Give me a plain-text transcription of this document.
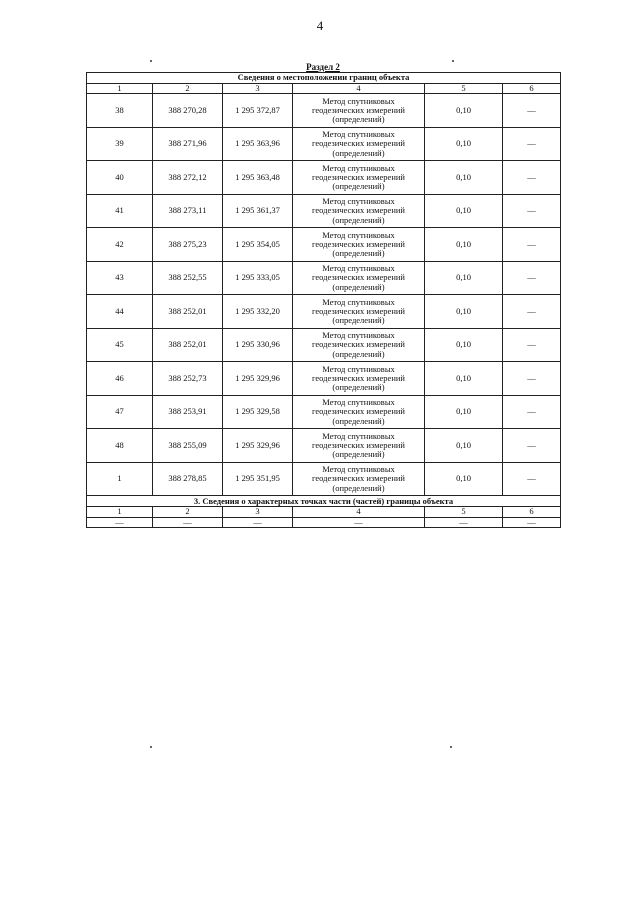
4
Раздел 2
Сведения о местоположении границ объекта					
1	2	3	4	5	6
38	388 270,28	1 295 372,87	Метод спутниковых
геодезических измерений
(определений)	0,10	—
39	388 271,96	1 295 363,96	Метод спутниковых
геодезических измерений
(определений)	0,10	—
40	388 272,12	1 295 363,48	Метод спутниковых
геодезических измерений
(определений)	0,10	—
41	388 273,11	1 295 361,37	Метод спутниковых
геодезических измерений
(определений)	0,10	—
42	388 275,23	1 295 354,05	Метод спутниковых
геодезических измерений
(определений)	0,10	—
43	388 252,55	1 295 333,05	Метод спутниковых
геодезических измерений
(определений)	0,10	—
44	388 252,01	1 295 332,20	Метод спутниковых
геодезических измерений
(определений)	0,10	—
45	388 252,01	1 295 330,96	Метод спутниковых
геодезических измерений
(определений)	0,10	—
46	388 252,73	1 295 329,96	Метод спутниковых
геодезических измерений
(определений)	0,10	—
47	388 253,91	1 295 329,58	Метод спутниковых
геодезических измерений
(определений)	0,10	—
48	388 255,09	1 295 329,96	Метод спутниковых
геодезических измерений
(определений)	0,10	—
1	388 278,85	1 295 351,95	Метод спутниковых
геодезических измерений
(определений)	0,10	—
3. Сведения о характерных точках части (частей) границы объекта					
1	2	3	4	5	6
—	—	—	—	—	—
